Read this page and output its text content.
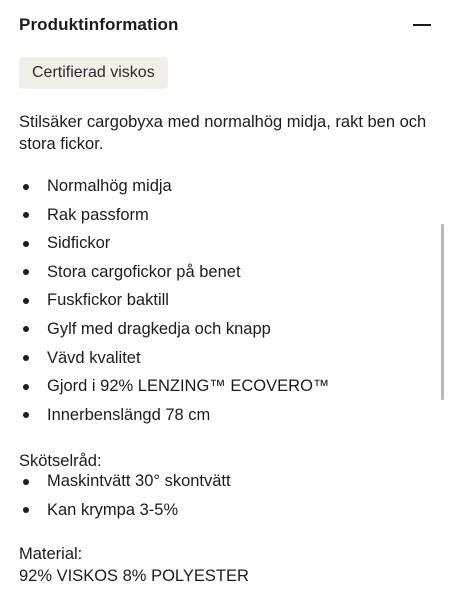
Produktinformation
Certifierad viskos

Stilsäker cargobyxa med normalhög midja, rakt ben och stora fickor.

Normalhög midja
Rak passform
Sidfickor
Stora cargofickor på benet
Fuskfickor baktill
Gylf med dragkedja och knapp
Vävd kvalitet
Gjord i 92% LENZING™ ECOVERO™
Innerbenslängd 78 cm

Skötselråd:

Maskintvätt 30° skontvätt
Kan krympa 3-5%

Material:

92% VISKOS 8% POLYESTER
